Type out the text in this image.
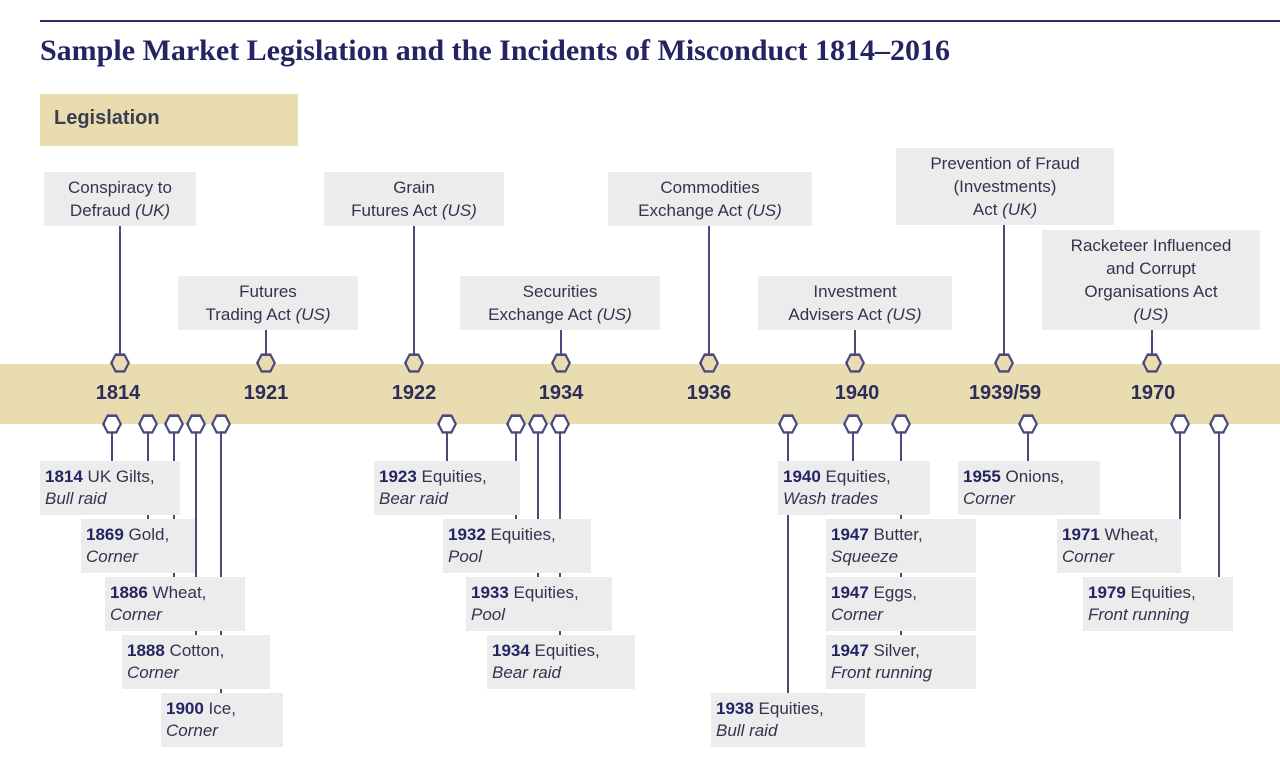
Sample Market Legislation and the Incidents of Misconduct 1814–2016
Legislation
1814	1921	1922	1934	1936	1940	1939/59	1970
Conspiracy to
Defraud (UK)
Futures
Trading Act (US)
Grain
Futures Act (US)
Securities
Exchange Act (US)
Commodities
Exchange Act (US)
Investment
Advisers Act (US)
Prevention of Fraud
(Investments)
Act (UK)
Racketeer Influenced
and Corrupt
Organisations Act
(US)
1814 UK Gilts,
Bull raid
1869 Gold,
Corner
1886 Wheat,
Corner
1888 Cotton,
Corner
1900 Ice,
Corner
1923 Equities,
Bear raid
1932 Equities,
Pool
1933 Equities,
Pool
1934 Equities,
Bear raid
1938 Equities,
Bull raid
1940 Equities,
Wash trades
1947 Butter,
Squeeze
1947 Eggs,
Corner
1947 Silver,
Front running
1955 Onions,
Corner
1971 Wheat,
Corner
1979 Equities,
Front running
